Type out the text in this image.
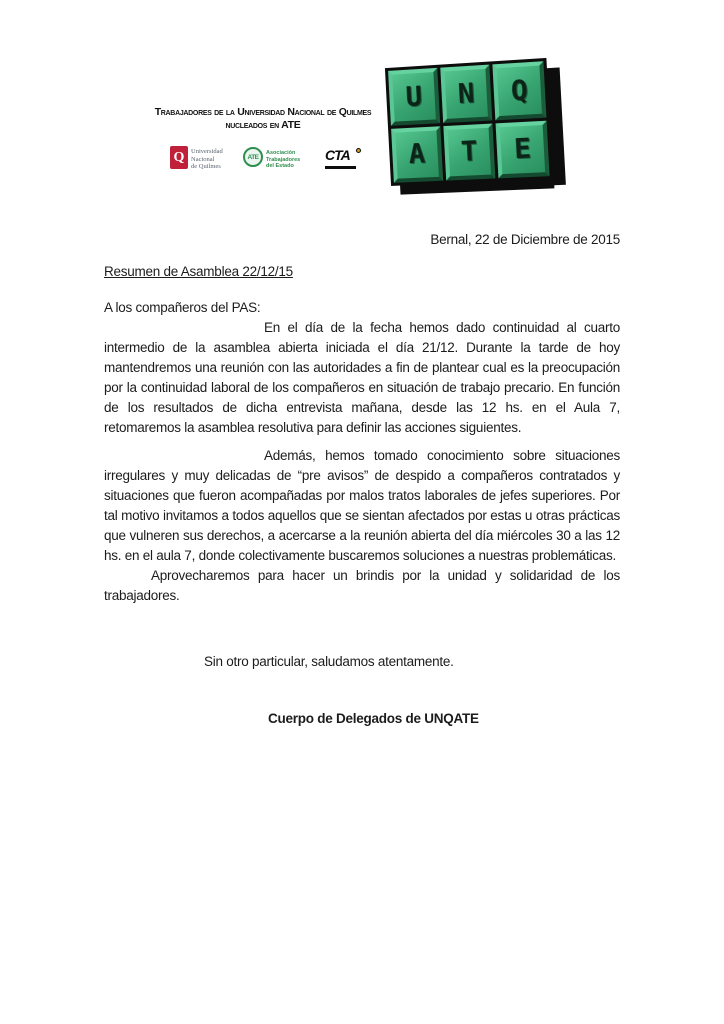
Trabajadores de la Universidad Nacional de Quilmes
nucleados en ATE
Q	Universidad
Nacional
de Quilmes
ATE
Asociación
Trabajadores
del Estado
CTA
U	N	Q
A	T	E
Bernal, 22 de Diciembre de 2015
Resumen de Asamblea 22/12/15
A los compañeros del PAS:

En el día de la fecha hemos dado continuidad al cuarto intermedio de la asamblea abierta iniciada el día 21/12. Durante la tarde de hoy mantendremos una reunión con las autoridades a fin de plantear cual es la preocupación por la continuidad laboral de los compañeros en situación de trabajo precario. En función de los resultados de dicha entrevista mañana, desde las 12 hs. en el Aula 7, retomaremos la asamblea resolutiva para definir las acciones siguientes.

Además, hemos tomado conocimiento sobre situaciones irregulares y muy delicadas de “pre avisos” de despido a compañeros contratados y situaciones que fueron acompañadas por malos tratos laborales de jefes superiores. Por tal motivo invitamos a todos aquellos que se sientan afectados por estas u otras prácticas que vulneren sus derechos, a acercarse a la reunión abierta del día miércoles 30 a las 12 hs. en el aula 7, donde colectivamente buscaremos soluciones a nuestras problemáticas.

Aprovecharemos para hacer un brindis por la unidad y solidaridad de los trabajadores.

Sin otro particular, saludamos atentamente.
Cuerpo de Delegados de UNQATE
